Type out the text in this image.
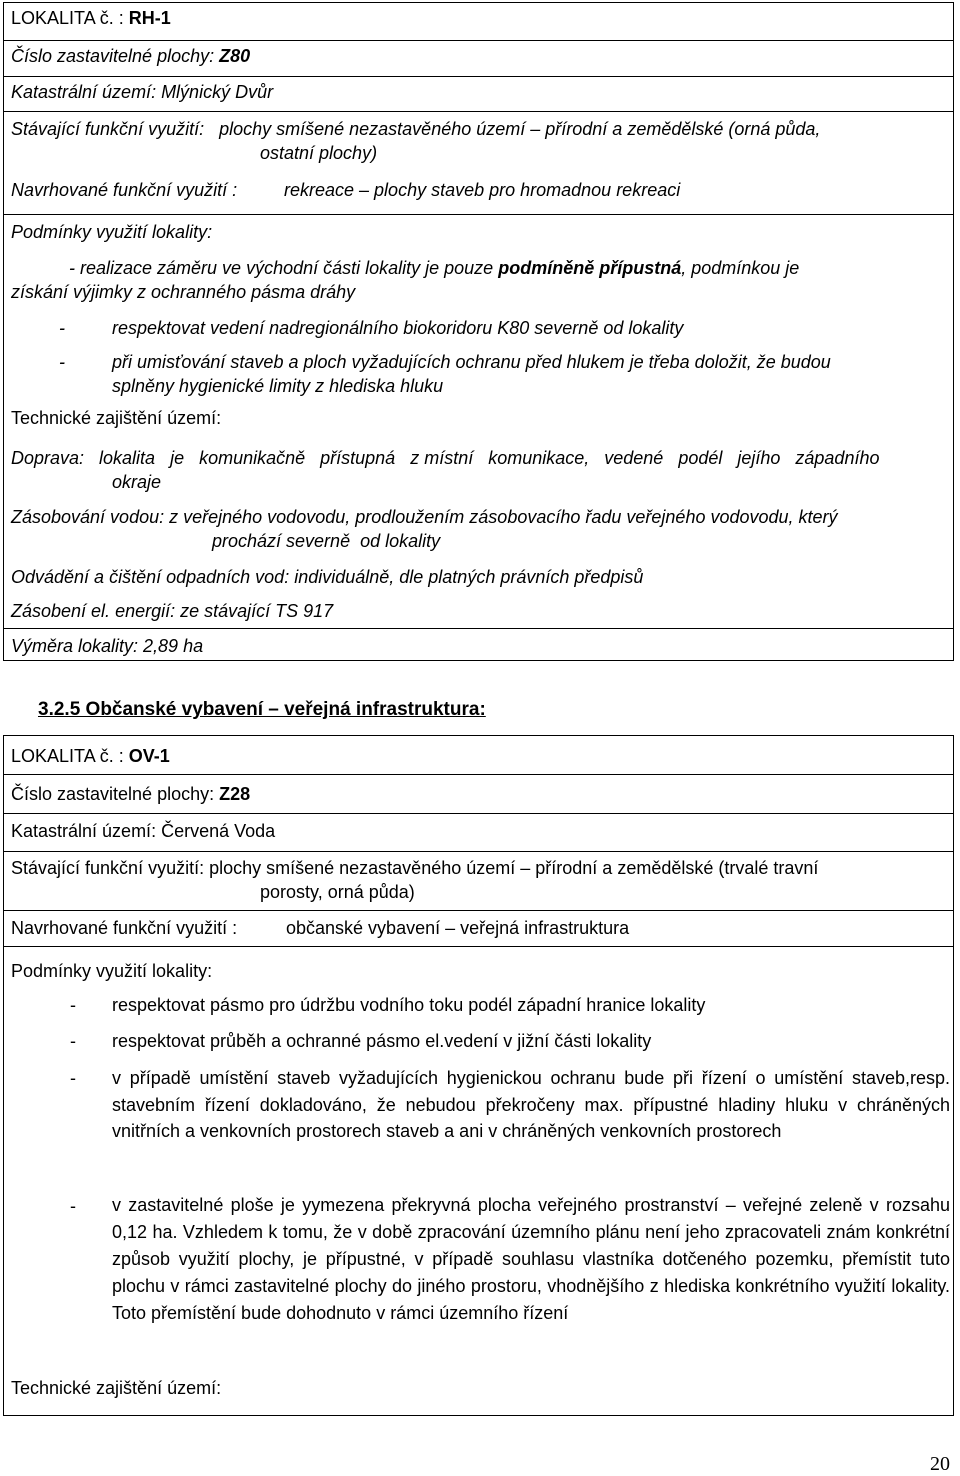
LOKALITA č. : RH-1
Číslo zastavitelné plochy: Z80
Katastrální území: Mlýnický Dvůr
Stávající funkční využití:   plochy smíšené nezastavěného území – přírodní a zemědělské (orná půda,
ostatní plochy)
Navrhované funkční využití :	rekreace – plochy staveb pro hromadnou rekreaci
Podmínky využití lokality:
- realizace záměru ve východní části lokality je pouze podmíněně přípustná, podmínkou je
získání výjimky z ochranného pásma dráhy
-	respektovat vedení nadregionálního biokoridoru K80 severně od lokality
-	při umisťování staveb a ploch vyžadujících ochranu před hlukem je třeba doložit, že budou
splněny hygienické limity z hlediska hluku
Technické zajištění území:
Doprava:   lokalita   je   komunikačně   přístupná   z místní   komunikace,   vedené   podél   jejího   západního
okraje
Zásobování vodou: z veřejného vodovodu, prodloužením zásobovacího řadu veřejného vodovodu, který
prochází severně  od lokality
Odvádění a čištění odpadních vod: individuálně, dle platných právních předpisů
Zásobení el. energií: ze stávající TS 917
Výměra lokality: 2,89 ha
3.2.5 Občanské vybavení – veřejná infrastruktura:
LOKALITA č. : OV-1
Číslo zastavitelné plochy: Z28
Katastrální území: Červená Voda
Stávající funkční využití: plochy smíšené nezastavěného území – přírodní a zemědělské (trvalé travní
porosty, orná půda)
Navrhované funkční využití :	občanské vybavení – veřejná infrastruktura
Podmínky využití lokality:
- respektovat pásmo pro údržbu vodního toku podél západní hranice lokality
- respektovat průběh a ochranné pásmo el.vedení v jižní části lokality
- v případě umístění staveb vyžadujících hygienickou ochranu bude při řízení o umístění staveb,resp. stavebním řízení dokladováno, že nebudou překročeny max. přípustné hladiny hluku v chráněných vnitřních a venkovních prostorech staveb a ani v chráněných venkovních prostorech
- v zastavitelné ploše je yymezena překryvná plocha veřejného prostranství – veřejné zeleně v rozsahu 0,12 ha. Vzhledem k tomu, že v době zpracování územního plánu není jeho zpracovateli znám konkrétní způsob využití plochy, je přípustné, v případě souhlasu vlastníka dotčeného pozemku, přemístit tuto plochu v rámci zastavitelné plochy do jiného prostoru, vhodnějšího z hlediska konkrétního využití lokality. Toto přemístění bude dohodnuto v rámci územního řízení
Technické zajištění území:
20
